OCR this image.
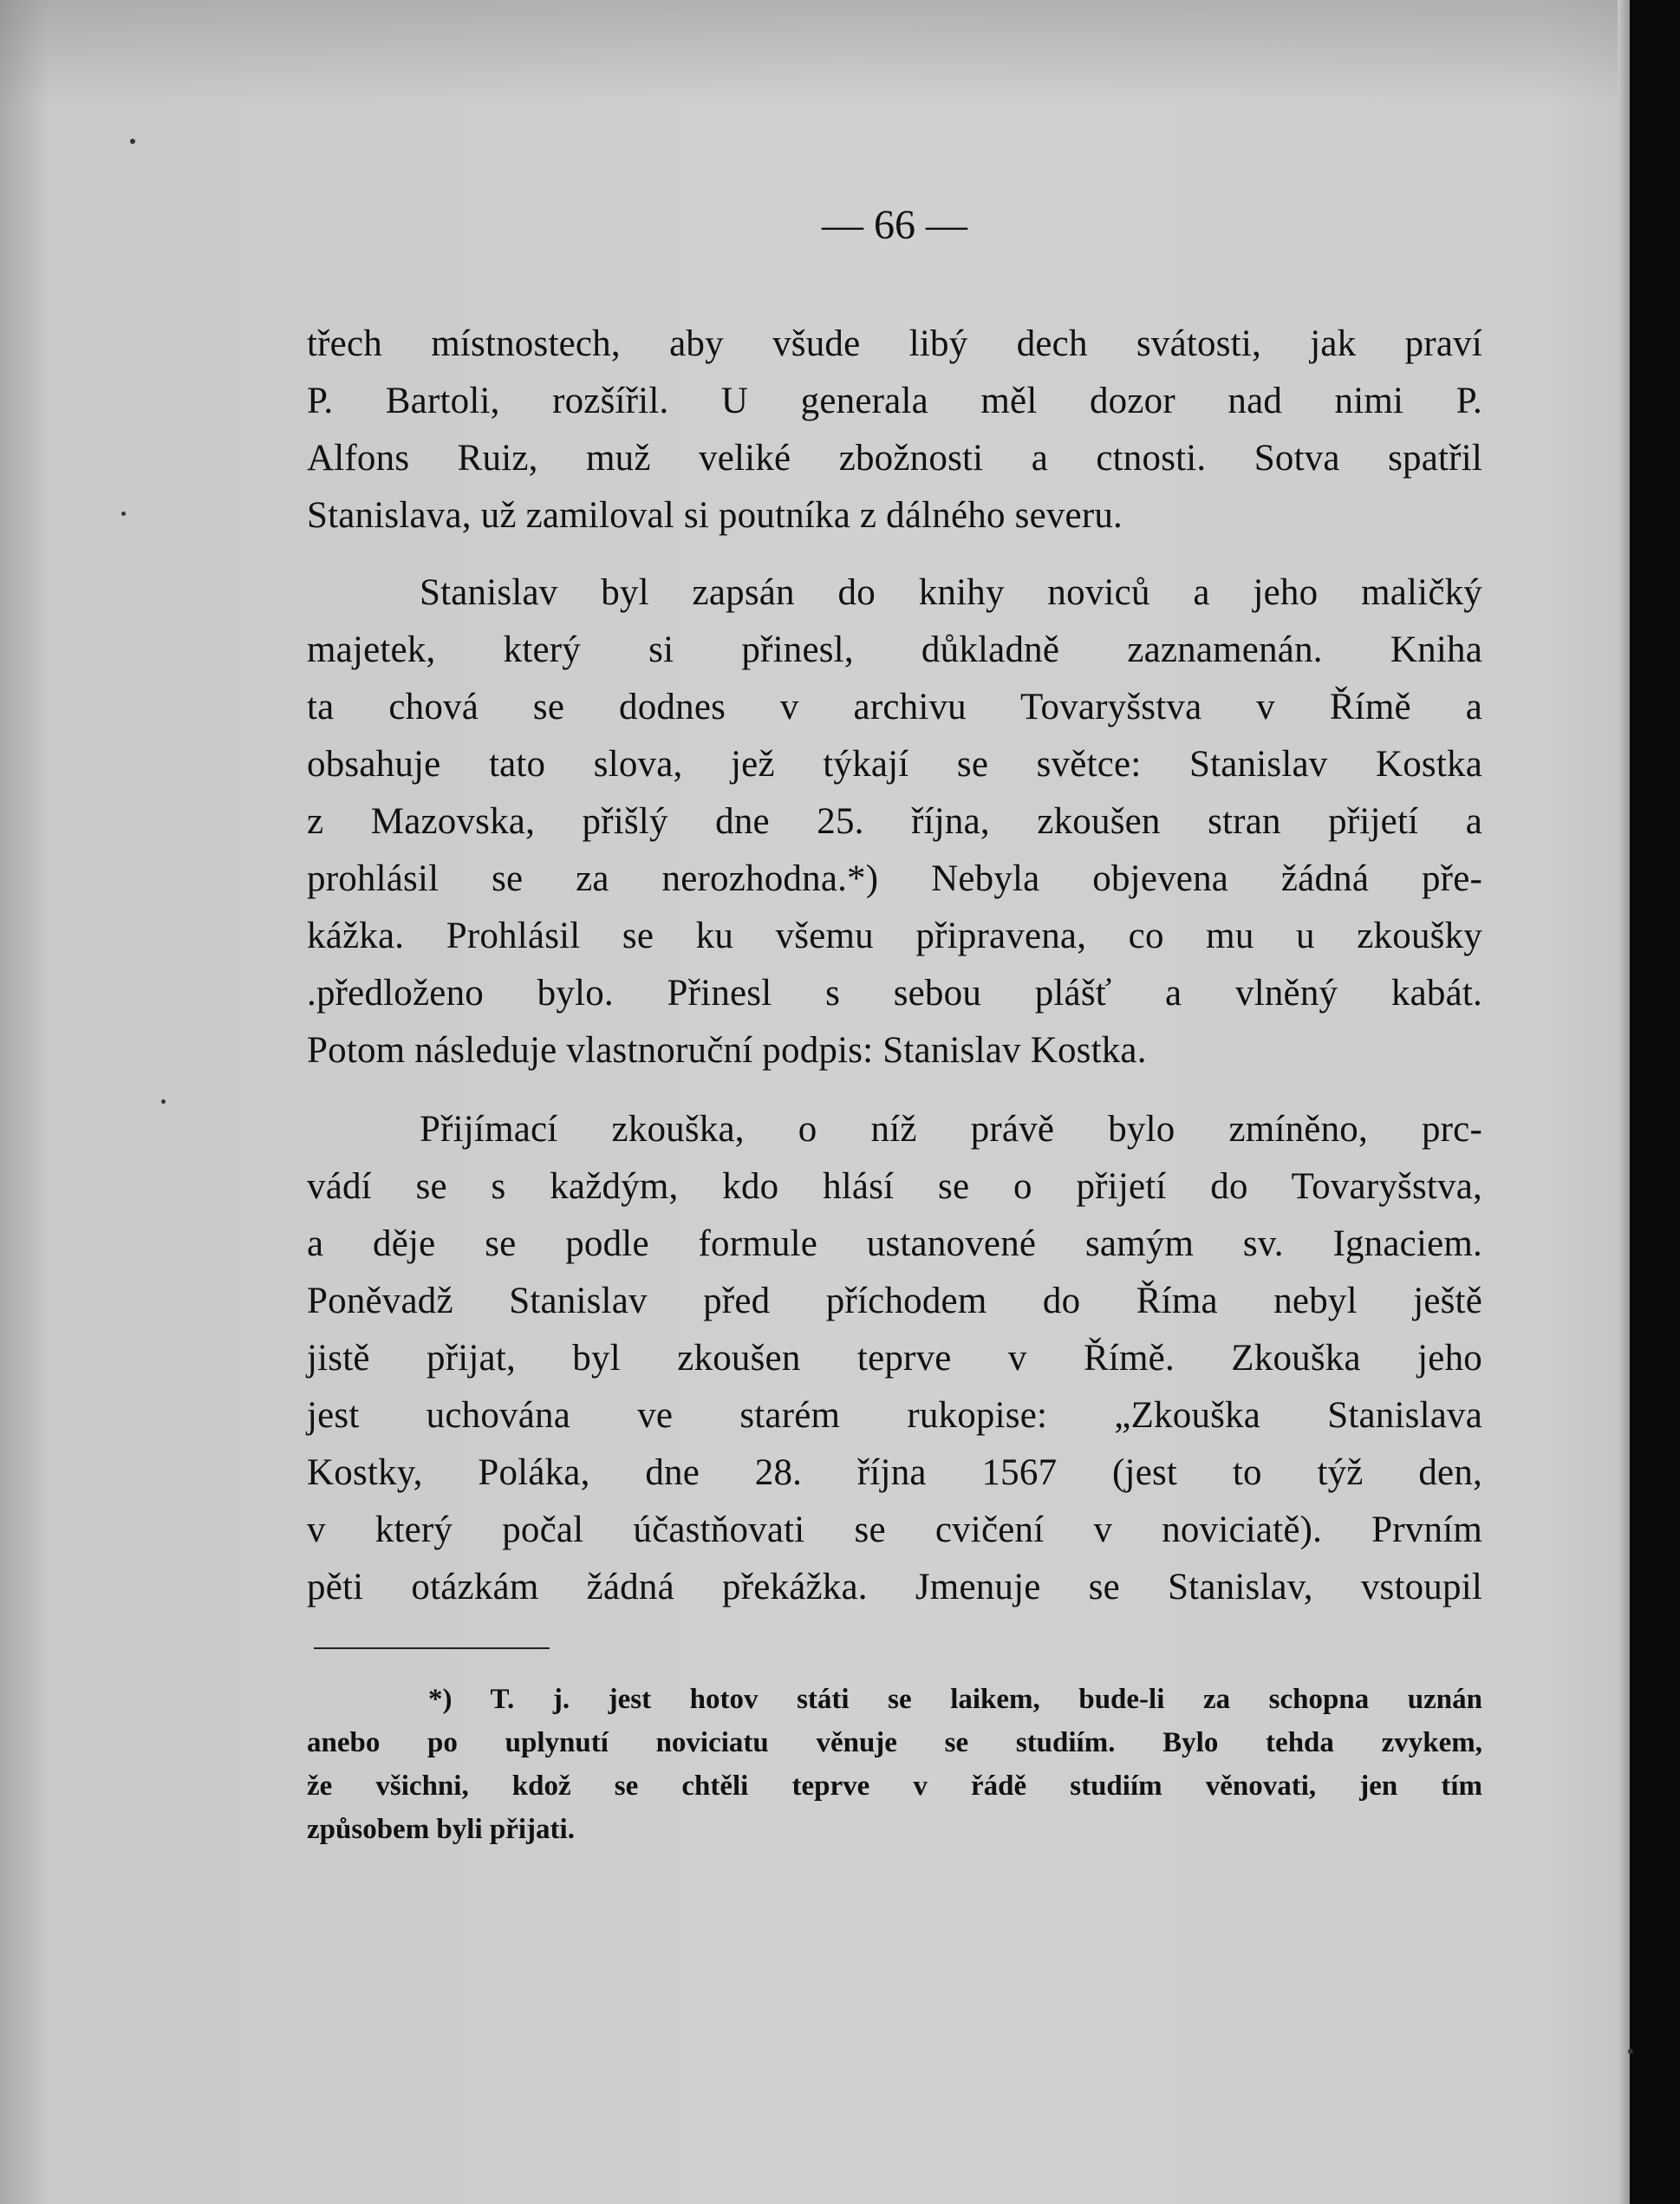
— 66 —
třech místnostech, aby všude libý dech svátosti, jak praví
P. Bartoli, rozšířil. U generala měl dozor nad nimi P.
Alfons Ruiz, muž veliké zbožnosti a ctnosti. Sotva spatřil
Stanislava, už zamiloval si poutníka z dálného severu.
Stanislav byl zapsán do knihy noviců a jeho maličký
majetek, který si přinesl, důkladně zaznamenán. Kniha
ta chová se dodnes v archivu Tovaryšstva v Římě a
obsahuje tato slova, jež týkají se světce: Stanislav Kostka
z Mazovska, přišlý dne 25. října, zkoušen stran přijetí a
prohlásil se za nerozhodna.*) Nebyla objevena žádná pře-
kážka. Prohlásil se ku všemu připravena, co mu u zkoušky
.předloženo bylo. Přinesl s sebou plášť a vlněný kabát.
Potom následuje vlastnoruční podpis: Stanislav Kostka.
Přijímací zkouška, o níž právě bylo zmíněno, prc-
vádí se s každým, kdo hlásí se o přijetí do Tovaryšstva,
a děje se podle formule ustanovené samým sv. Ignaciem.
Poněvadž Stanislav před příchodem do Říma nebyl ještě
jistě přijat, byl zkoušen teprve v Římě. Zkouška jeho
jest uchována ve starém rukopise: „Zkouška Stanislava
Kostky, Poláka, dne 28. října 1567 (jest to týž den,
v který počal účastňovati se cvičení v noviciatě). Prvním
pěti otázkám žádná překážka. Jmenuje se Stanislav, vstoupil
*) T. j. jest hotov státi se laikem, bude-li za schopna uznán
anebo po uplynutí noviciatu věnuje se studiím. Bylo tehda zvykem,
že všichni, kdož se chtěli teprve v řádě studiím věnovati, jen tím
způsobem byli přijati.
